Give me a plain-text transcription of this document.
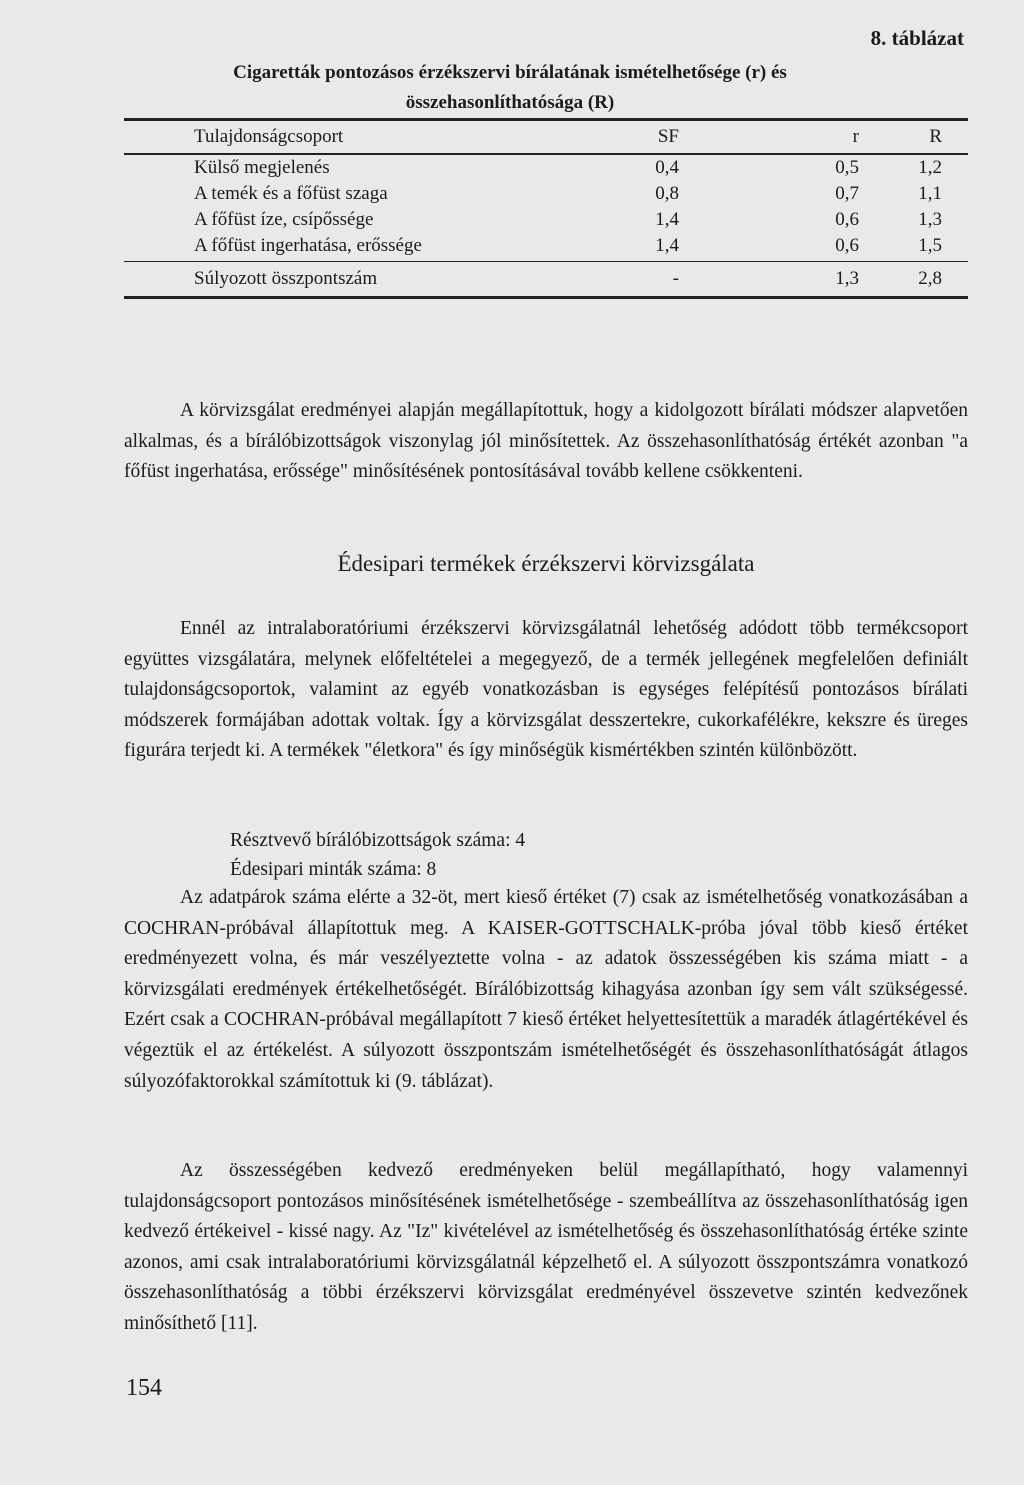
8. táblázat
Cigaretták pontozásos érzékszervi bírálatának ismételhetősége (r) és
összehasonlíthatósága (R)
Tulajdonságcsoport	SF	r	R
Külső megjelenés	0,4	0,5	1,2
A temék és a főfüst szaga	0,8	0,7	1,1
A főfüst íze, csípőssége	1,4	0,6	1,3
A főfüst ingerhatása, erőssége	1,4	0,6	1,5
Súlyozott összpontszám	-	1,3	2,8

A körvizsgálat eredményei alapján megállapítottuk, hogy a kidolgozott bírálati módszer alapvetően alkalmas, és a bírálóbizottságok viszonylag jól minősítettek. Az összehasonlíthatóság értékét azonban "a főfüst ingerhatása, erőssége" minősítésének pontosításával tovább kellene csökkenteni.

Édesipari termékek érzékszervi körvizsgálata

Ennél az intralaboratóriumi érzékszervi körvizsgálatnál lehetőség adódott több termékcsoport együttes vizsgálatára, melynek előfeltételei a megegyező, de a termék jellegének megfelelően definiált tulajdonságcsoportok, valamint az egyéb vonatkozásban is egységes felépítésű pontozásos bírálati módszerek formájában adottak voltak. Így a körvizsgálat desszertekre, cukorkafélékre, kekszre és üreges figurára terjedt ki. A termékek "életkora" és így minőségük kismértékben szintén különbözött.

Résztvevő bírálóbizottságok száma: 4
Édesipari minták száma: 8

Az adatpárok száma elérte a 32-öt, mert kieső értéket (7) csak az ismételhetőség vonatkozásában a COCHRAN-próbával állapítottuk meg. A KAISER-GOTTSCHALK-próba jóval több kieső értéket eredményezett volna, és már veszélyeztette volna - az adatok összességében kis száma miatt - a körvizsgálati eredmények értékelhetőségét. Bírálóbizottság kihagyása azonban így sem vált szükségessé. Ezért csak a COCHRAN-próbával megállapított 7 kieső értéket helyettesítettük a maradék átlagértékével és végeztük el az értékelést. A súlyozott összpontszám ismételhetőségét és összehasonlíthatóságát átlagos súlyozófaktorokkal számítottuk ki (9. táblázat).

Az összességében kedvező eredményeken belül megállapítható, hogy valamennyi tulajdonságcsoport pontozásos minősítésének ismételhetősége - szembeállítva az összehasonlíthatóság igen kedvező értékeivel - kissé nagy. Az "Iz" kivételével az ismételhetőség és összehasonlíthatóság értéke szinte azonos, ami csak intralaboratóriumi körvizsgálatnál képzelhető el. A súlyozott összpontszámra vonatkozó összehasonlíthatóság a többi érzékszervi körvizsgálat eredményével összevetve szintén kedvezőnek minősíthető [11].

154
